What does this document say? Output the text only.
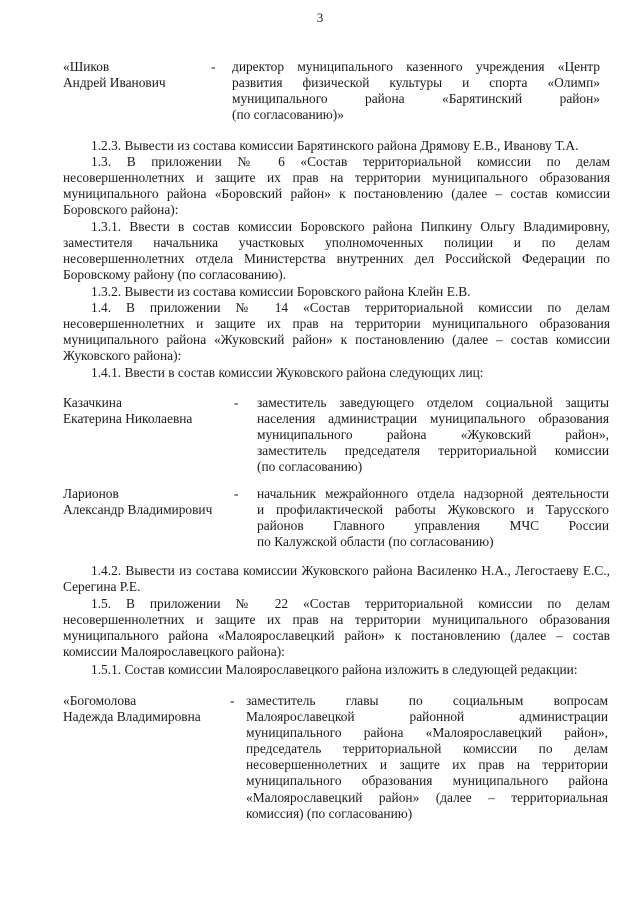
3
«Шиков
Андрей Иванович
- директор муниципального казенного учреждения «Центр
развития физической культуры и спорта «Олимп»
муниципального района «Барятинский район»
(по согласованию)»
1.2.3. Вывести из состава комиссии Барятинского района Дрямову Е.В., Иванову Т.А.
1.3. В приложении № 6 «Состав территориальной комиссии по делам несовершеннолетних и защите их прав на территории муниципального образования муниципального района «Боровский район» к постановлению (далее – состав комиссии Боровского района):
1.3.1. Ввести в состав комиссии Боровского района Пипкину Ольгу Владимировну, заместителя начальника участковых уполномоченных полиции и по делам несовершеннолетних отдела Министерства внутренних дел Российской Федерации по Боровскому району (по согласованию).
1.3.2. Вывести из состава комиссии Боровского района Клейн Е.В.
1.4. В приложении № 14 «Состав территориальной комиссии по делам несовершеннолетних и защите их прав на территории муниципального образования муниципального района «Жуковский район» к постановлению (далее – состав комиссии Жуковского района):
1.4.1. Ввести в состав комиссии Жуковского района следующих лиц:
Казачкина
Екатерина Николаевна
- заместитель заведующего отделом социальной защиты
населения администрации муниципального образования
муниципального района «Жуковский район»,
заместитель председателя территориальной комиссии
(по согласованию)
Ларионов
Александр Владимирович
- начальник межрайонного отдела надзорной деятельности
и профилактической работы Жуковского и Тарусского
районов Главного управления МЧС России
по Калужской области (по согласованию)
1.4.2. Вывести из состава комиссии Жуковского района Василенко Н.А., Легостаеву Е.С., Серегина Р.Е.
1.5. В приложении № 22 «Состав территориальной комиссии по делам несовершеннолетних и защите их прав на территории муниципального образования муниципального района «Малоярославецкий район» к постановлению (далее – состав комиссии Малоярославецкого района):
1.5.1. Состав комиссии Малоярославецкого района изложить в следующей редакции:
«Богомолова
Надежда Владимировна
- заместитель главы по социальным вопросам
Малоярославецкой районной администрации
муниципального района «Малоярославецкий район»,
председатель территориальной комиссии по делам
несовершеннолетних и защите их прав на территории
муниципального образования муниципального района
«Малоярославецкий район» (далее – территориальная
комиссия) (по согласованию)
